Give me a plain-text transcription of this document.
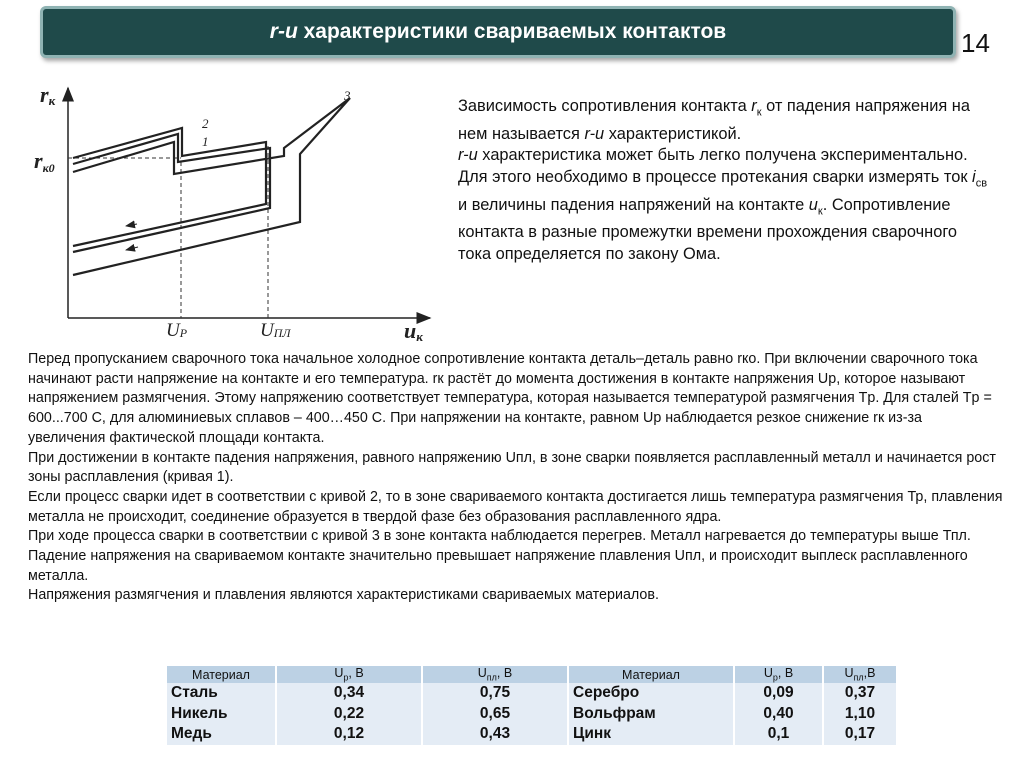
r-u характеристики свариваемых контактов	14
rк
rк0
uк
UР	UПЛ
1
2
3

Зависимость сопротивления контакта $r_к$ от падения напряжения на нем называется r-u характеристикой.

r-u характеристика может быть легко получена экспериментально. Для этого необходимо в процессе протекания сварки измерять ток $i_{св}$ и величины падения напряжений на контакте $u_к$. Сопротивление контакта в разные промежутки времени прохождения сварочного тока определяется по закону Ома.

Перед пропусканием сварочного тока начальное холодное сопротивление контакта деталь–деталь равно rко. При включении сварочного тока начинают расти напряжение на контакте и его температура. rк растёт до момента достижения в контакте напряжения Up, которое называют напряжением размягчения. Этому напряжению соответствует температура, которая называется температурой размягчения Tp. Для сталей Tp = 600...700 C, для алюминиевых сплавов – 400…450 C. При напряжении на контакте, равном Up наблюдается резкое снижение rк из-за увеличения фактической площади контакта.

При достижении в контакте падения напряжения, равного напряжению Uпл, в зоне сварки появляется расплавленный металл и начинается рост зоны расплавления (кривая 1).

Если процесс сварки идет в соответствии с кривой 2, то в зоне свариваемого контакта достигается лишь температура размягчения Тр, плавления металла не происходит, соединение образуется в твердой фазе без образования расплавленного ядра.

При ходе процесса сварки в соответствии с кривой 3 в зоне контакта наблюдается перегрев. Металл нагревается до температуры выше Тпл. Падение напряжения на свариваемом контакте значительно превышает напряжение плавления Uпл, и происходит выплеск расплавленного металла.

Напряжения размягчения и плавления являются характеристиками свариваемых материалов.

Материал	$U_р$, В	$U_{пл}$, В	Материал	$U_р$, В	$U_{пл},В$
Сталь	0,34	0,75	Серебро	0,09	0,37
Никель	0,22	0,65	Вольфрам	0,40	1,10
Медь	0,12	0,43	Цинк	0,1	0,17
